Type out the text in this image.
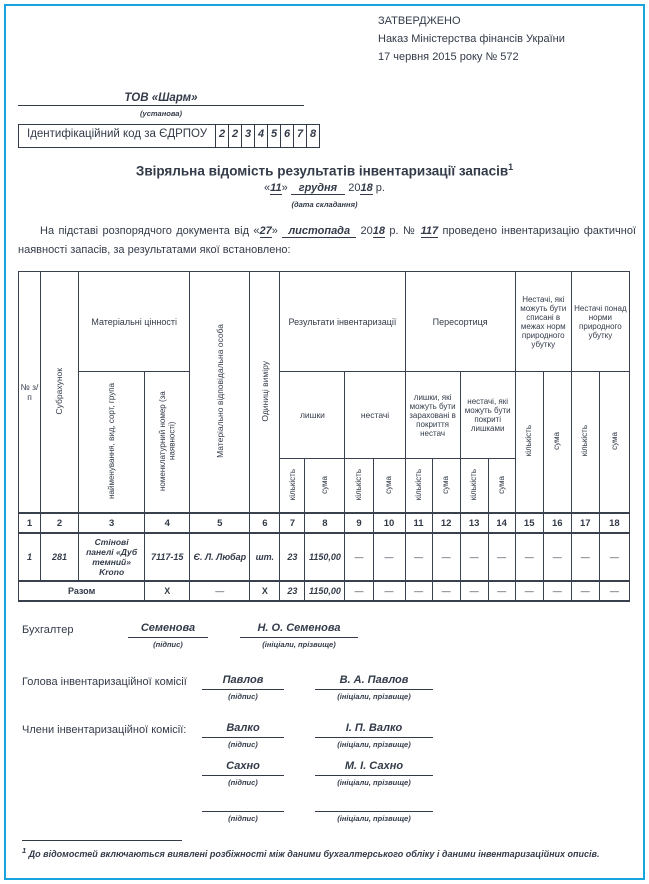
ЗАТВЕРДЖЕНО
Наказ Міністерства фінансів України
17 червня 2015 року № 572
ТОВ «Шарм»
(установа)
Ідентифікаційний код за ЄДРПОУ	2 2 3 4 5 6 7 8
Звіряльна відомість результатів інвентаризації запасів$^1$
«11» грудня 2018 р.
(дата складання)
На підставі розпорядчого документа від «27» листопада 2018 р. № 117 проведено інвентаризацію фактичної наявності запасів, за результатами якої встановлено:
№ з/п	Субрахунок	Матеріальні цінності		Матеріально відповідальна особа	Одиниці виміру	Результати інвентаризації				Пересортиця				Нестачі, які можуть бути списані в межах норм природного убутку		Нестачі понад норми природного убутку	
		найменування, вид, сорт, група	номенклатурний номер (за наявності)			лишки		нестачі		лишки, які можуть бути зараховані в покриття нестач		нестачі, які можуть бути покриті лишками		кількість	сума	кількість	сума
						кількість	сума	кількість	сума	кількість	сума	кількість	сума				
1	2	3	4	5	6	7	8	9	10	11	12	13	14	15	16	17	18
1	281	Стінові панелі «Дуб темний» Krono	7117-15	Є. Л. Любар	шт.	23	1150,00	—	—	—	—	—	—	—	—	—	—
Разом			X	—	X	23	1150,00	—	—	—	—	—	—	—	—	—	—
Бухгалтер	Семенова
(підпис)
Н. О. Семенова
(ініціали, прізвище)
Голова інвентаризаційної комісії	Павлов
(підпис)
В. А. Павлов
(ініціали, прізвище)
Члени інвентаризаційної комісії:	Валко
(підпис)
І. П. Валко
(ініціали, прізвище)
Сахно
(підпис)
М. І. Сахно
(ініціали, прізвище)
(підпис)	(ініціали, прізвище)
$^1$ До відомостей включаються виявлені розбіжності між даними бухгалтерського обліку і даними інвентаризаційних описів.
